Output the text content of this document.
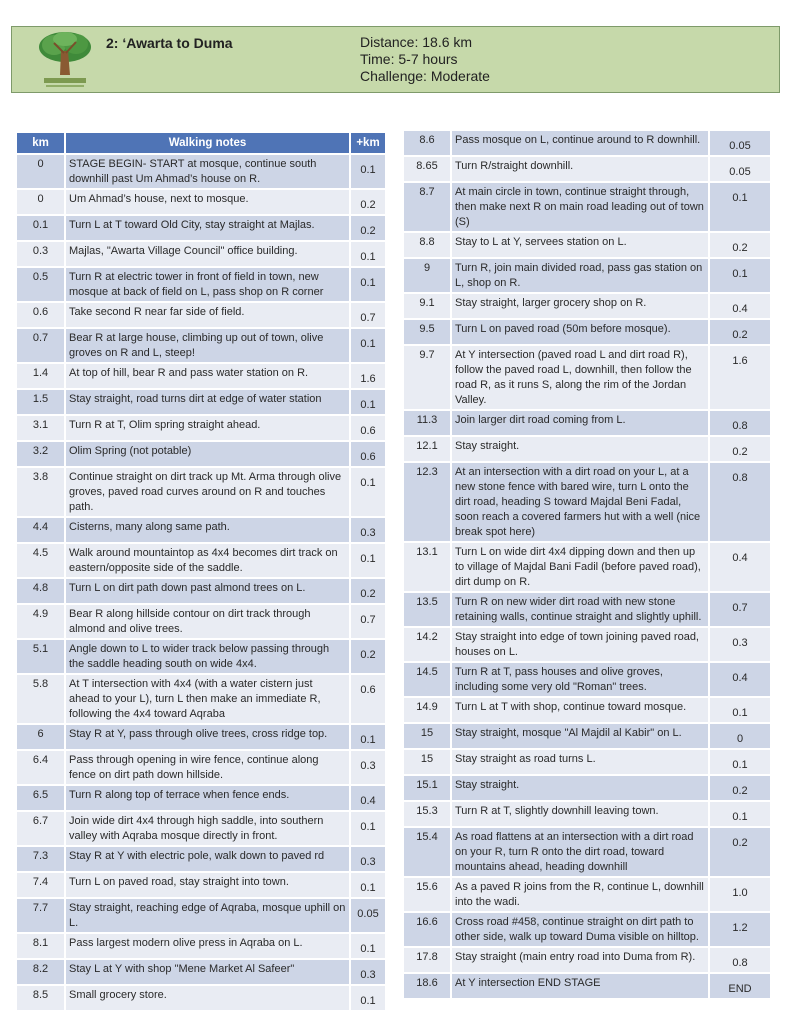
2: ‘Awarta to Duma	Distance: 18.6 km
Time: 5-7 hours
Challenge: Moderate
km	Walking notes	+km
0	STAGE BEGIN- START at mosque, continue south downhill past Um Ahmad’s house on R.	0.1
0	Um Ahmad’s house, next to mosque.	0.2
0.1	Turn L at T toward Old City, stay straight at Majlas.	0.2
0.3	Majlas, "Awarta Village Council" office building.	0.1
0.5	Turn R at electric tower in front of field in town, new mosque at back of field on L, pass shop on R corner	0.1
0.6	Take second R near far side of field.	0.7
0.7	Bear R at large house, climbing up out of town, olive groves on R and L, steep!	0.1
1.4	At top of hill, bear R and pass water station on R.	1.6
1.5	Stay straight, road turns dirt at edge of water station	0.1
3.1	Turn R at T, Olim spring straight ahead.	0.6
3.2	Olim Spring (not potable)	0.6
3.8	Continue straight on dirt track up Mt. Arma through olive groves, paved road curves around on R and touches path.	0.1
4.4	Cisterns, many along same path.	0.3
4.5	Walk around mountaintop as 4x4 becomes dirt track on eastern/opposite side of the saddle.	0.1
4.8	Turn L on dirt path down past almond trees on L.	0.2
4.9	Bear R along hillside contour on dirt track through almond and olive trees.	0.7
5.1	Angle down to L to wider track below passing through the saddle heading south on wide 4x4.	0.2
5.8	At T intersection with 4x4 (with a water cistern just ahead to your L), turn L then make an immediate R, following the 4x4 toward Aqraba	0.6
6	Stay R at Y, pass through olive trees, cross ridge top.	0.1
6.4	Pass through opening in wire fence, continue along fence on dirt path down hillside.	0.3
6.5	Turn R along top of terrace when fence ends.	0.4
6.7	Join wide dirt 4x4 through high saddle, into southern valley with Aqraba mosque directly in front.	0.1
7.3	Stay R at Y with electric pole, walk down to paved rd	0.3
7.4	Turn L on paved road, stay straight into town.	0.1
7.7	Stay straight, reaching edge of Aqraba, mosque uphill on L.	0.05
8.1	Pass largest modern olive press in Aqraba on L.	0.1
8.2	Stay L at Y with shop "Mene Market Al Safeer"	0.3
8.5	Small grocery store.	0.1
8.6	Pass mosque on L, continue around to R downhill.	0.05
8.65	Turn R/straight downhill.	0.05
8.7	At main circle in town, continue straight through, then make next R on main road leading out of town (S)	0.1
8.8	Stay to L at Y, servees station on L.	0.2
9	Turn R, join main divided road, pass gas station on L, shop on R.	0.1
9.1	Stay straight, larger grocery shop on R.	0.4
9.5	Turn L on paved road (50m before mosque).	0.2
9.7	At Y intersection (paved road L and dirt road R), follow the paved road L, downhill, then follow the road R, as it runs S, along the rim of the Jordan Valley.	1.6
11.3	Join larger dirt road coming from L.	0.8
12.1	Stay straight.	0.2
12.3	At an intersection with a dirt road on your L, at a new stone fence with bared wire, turn L onto the dirt road, heading S toward Majdal Beni Fadal, soon reach a covered farmers hut with a well (nice break spot here)	0.8
13.1	Turn L on wide dirt 4x4 dipping down and then up to village of Majdal Bani Fadil (before paved road), dirt dump on R.	0.4
13.5	Turn R on new wider dirt road with new stone retaining walls, continue straight and slightly uphill.	0.7
14.2	Stay straight into edge of town joining paved road, houses on L.	0.3
14.5	Turn R at T, pass houses and olive groves, including some very old "Roman" trees.	0.4
14.9	Turn L at T with shop, continue toward mosque.	0.1
15	Stay straight, mosque "Al Majdil al Kabir" on L.	0
15	Stay straight as road turns L.	0.1
15.1	Stay straight.	0.2
15.3	Turn R at T, slightly downhill leaving town.	0.1
15.4	As road flattens at an intersection with a dirt road on your R, turn R onto the dirt road, toward mountains ahead, heading downhill	0.2
15.6	As a paved R joins from the R, continue L, downhill into the wadi.	1.0
16.6	Cross road #458, continue straight on dirt path to other side, walk up toward Duma visible on hilltop.	1.2
17.8	Stay straight (main entry road into Duma from R).	0.8
18.6	At Y intersection END STAGE	END
